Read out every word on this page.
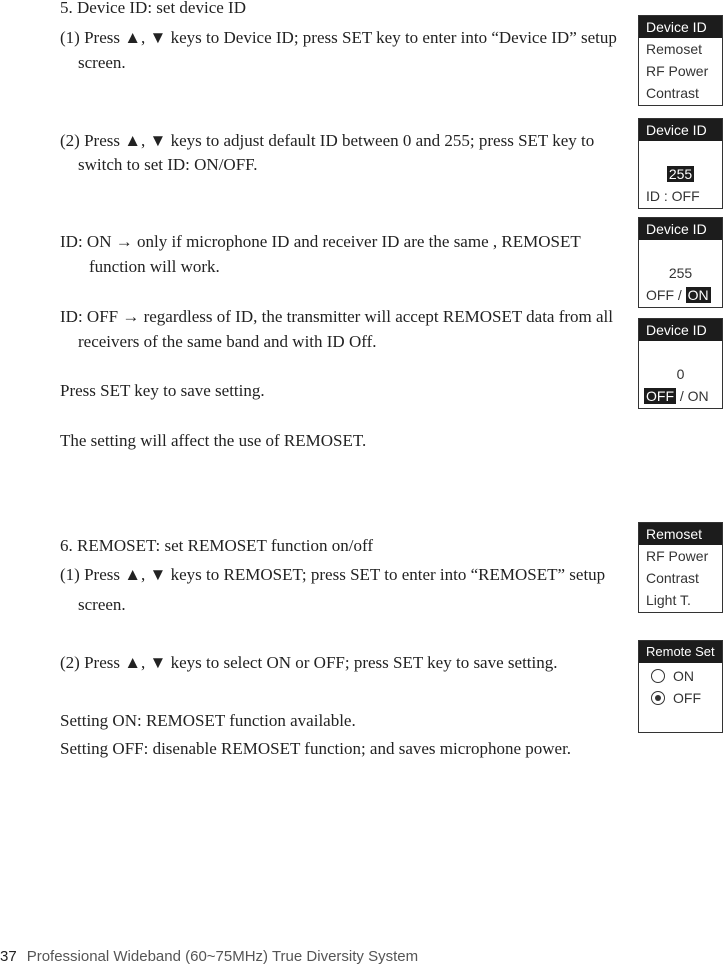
5. Device ID: set device ID
(1) Press ▲, ▼ keys to Device ID; press SET key to enter into “Device ID” setup
screen.
(2) Press ▲, ▼ keys to adjust default ID between 0 and 255; press SET key to
switch to set ID: ON/OFF.
ID: ON → only if microphone ID and receiver ID are the same , REMOSET
function will work.
ID: OFF → regardless of ID, the transmitter will accept REMOSET data from all
receivers of the same band and with ID Off.
Press SET key to save setting.
The setting will affect the use of REMOSET.
6. REMOSET: set REMOSET function on/off
(1) Press ▲, ▼ keys to REMOSET; press SET to enter into “REMOSET” setup
screen.
(2) Press ▲, ▼ keys to select ON or OFF; press SET key to save setting.
Setting ON: REMOSET function available.
Setting OFF: disenable REMOSET function; and saves microphone power.
Device ID
Remoset
RF Power
Contrast
Device ID
255
ID : OFF
Device ID
255
OFF / ON
Device ID
0
OFF / ON
Remoset
RF Power
Contrast
Light T.
Remote Set
ON
OFF
37 Professional Wideband (60~75MHz) True Diversity System
